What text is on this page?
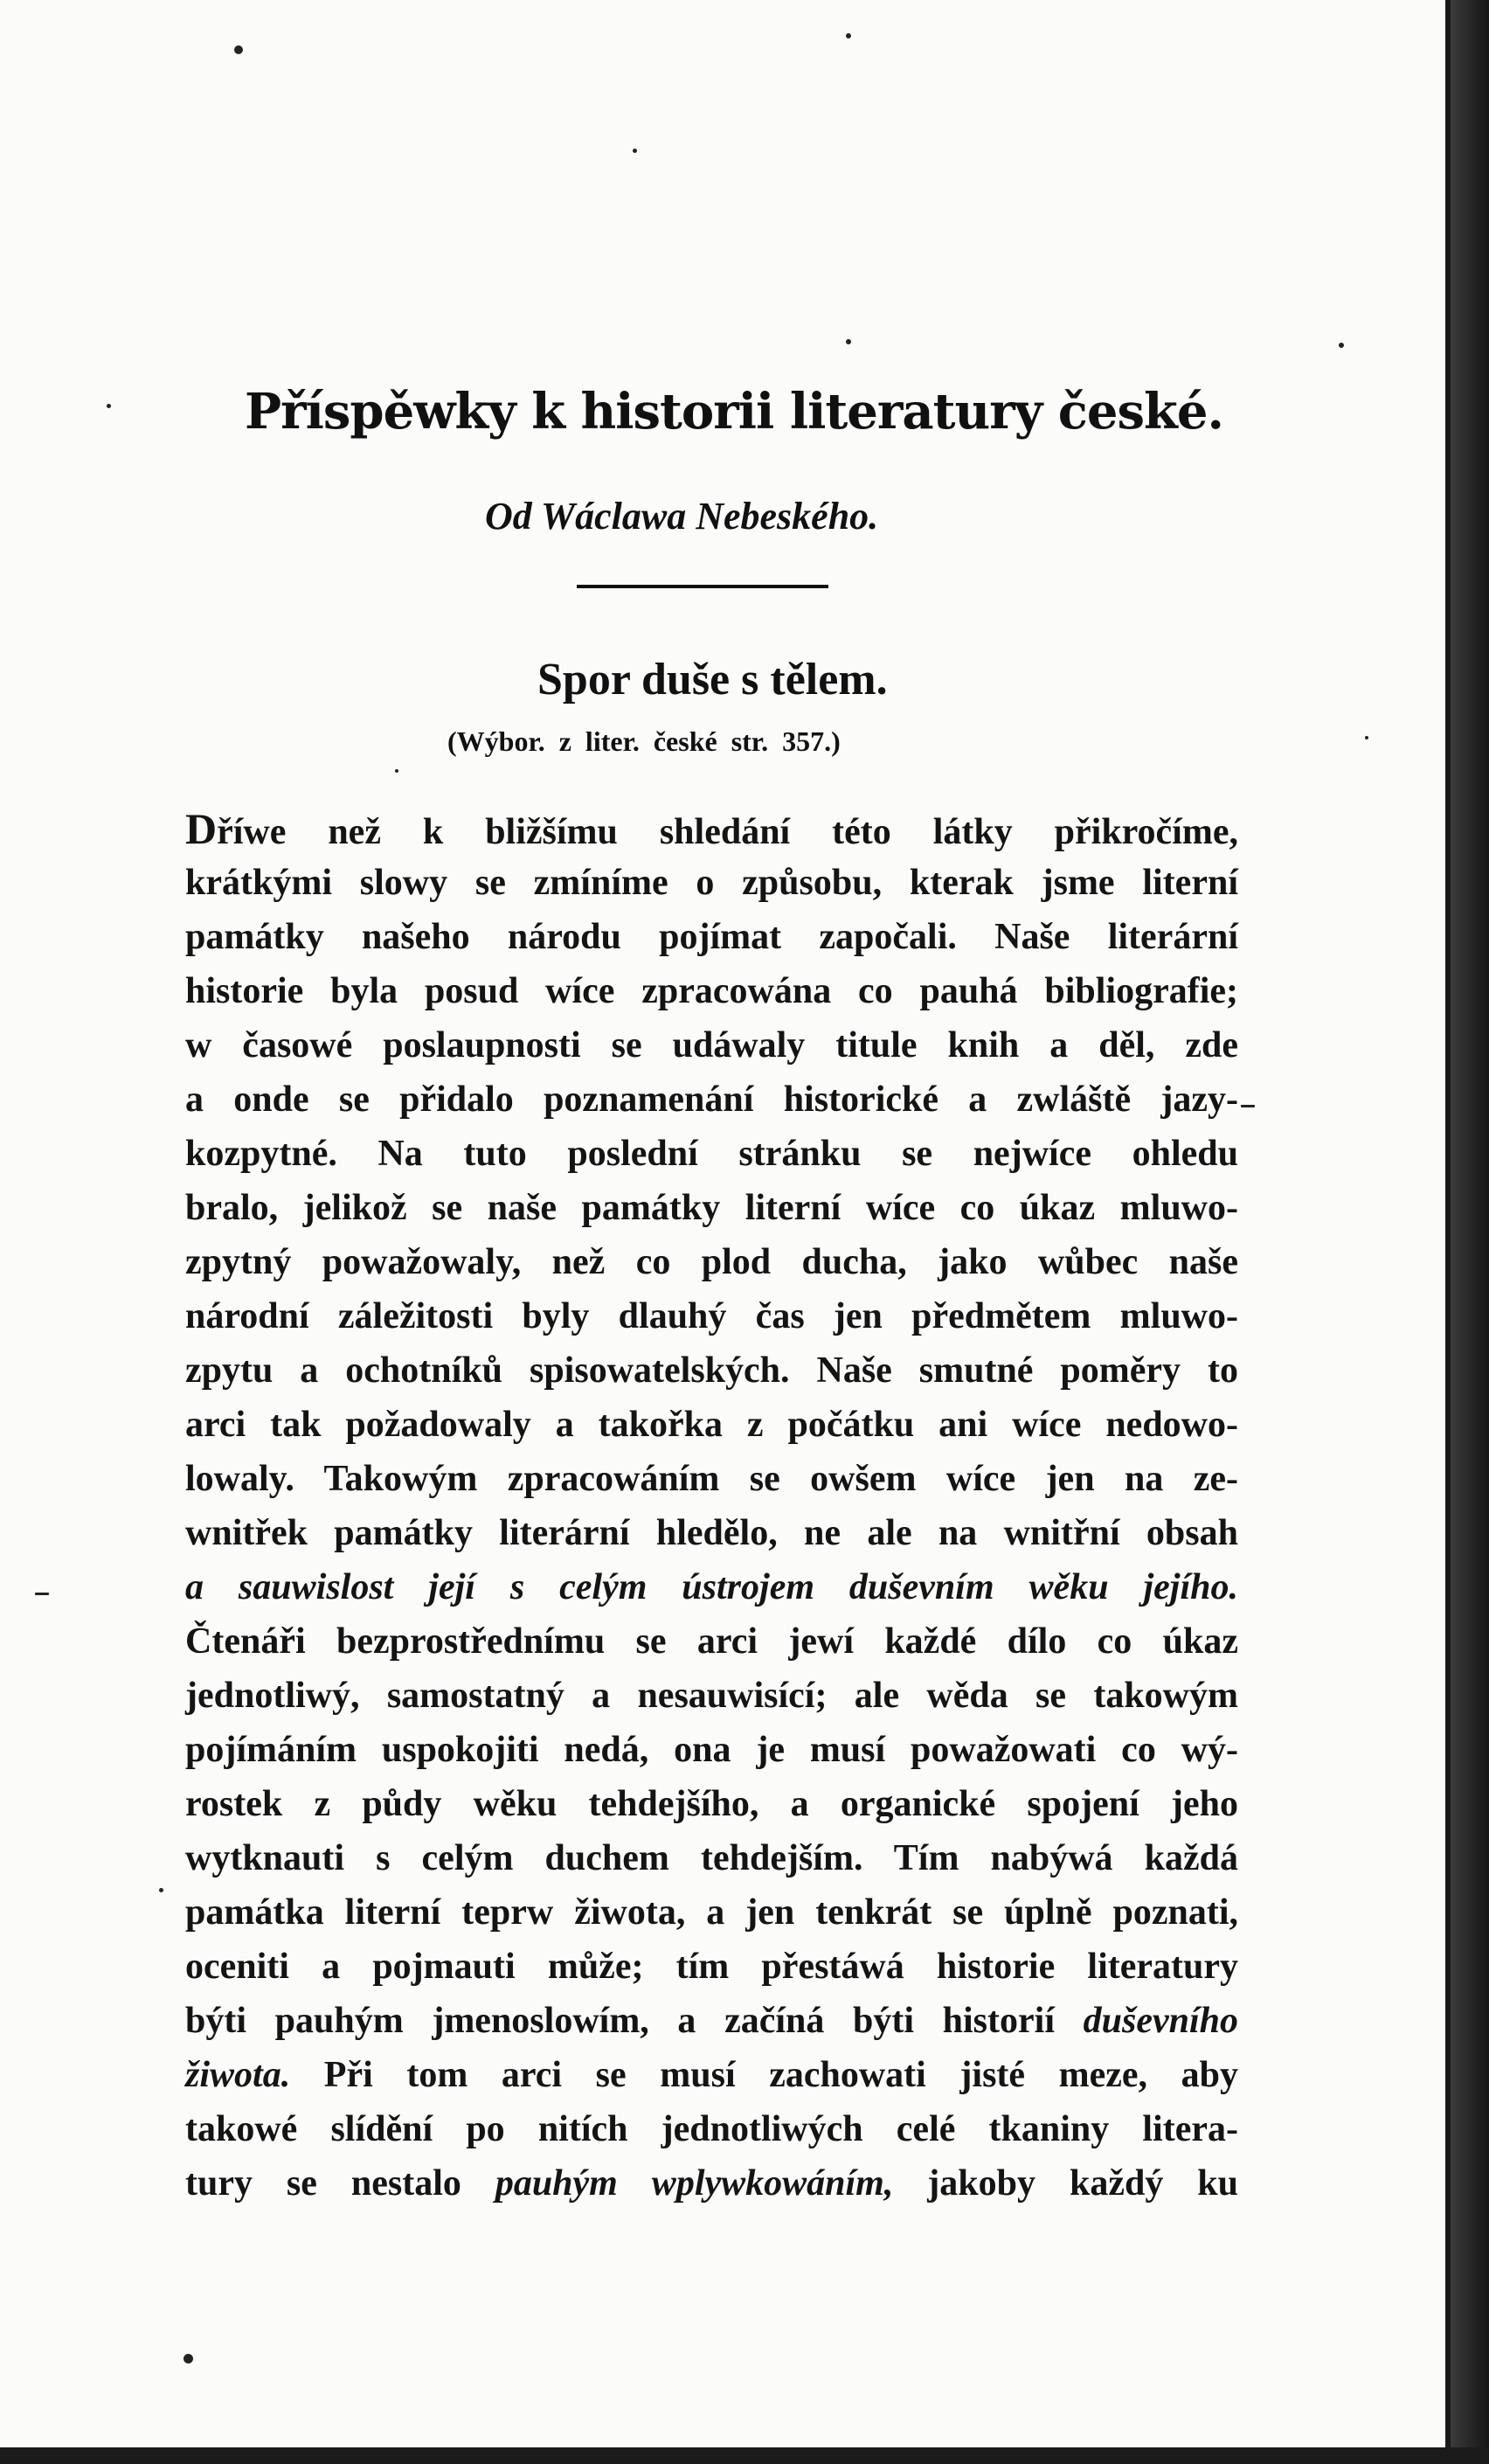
Příspěwky k historii literatury české.

Od Wáclawa Nebeského.

Spor duše s tělem.

(Wýbor. z liter. české str. 357.)

Dříwe než k bližšímu shledání této látky přikročíme,
krátkými slowy se zmíníme o způsobu, kterak jsme literní
památky našeho národu pojímat započali. Naše literární
historie byla posud wíce zpracowána co pauhá bibliografie;
w časowé poslaupnosti se udáwaly titule knih a děl, zde
a onde se přidalo poznamenání historické a zwláště jazy-
kozpytné. Na tuto poslední stránku se nejwíce ohledu
bralo, jelikož se naše památky literní wíce co úkaz mluwo-
zpytný powažowaly, než co plod ducha, jako wůbec naše
národní záležitosti byly dlauhý čas jen předmětem mluwo-
zpytu a ochotníků spisowatelských. Naše smutné poměry to
arci tak požadowaly a takořka z počátku ani wíce nedowo-
lowaly. Takowým zpracowáním se owšem wíce jen na ze-
wnitřek památky literární hledělo, ne ale na wnitřní obsah
a sauwislost její s celým ústrojem duševním wěku jejího.
Čtenáři bezprostřednímu se arci jewí každé dílo co úkaz
jednotliwý, samostatný a nesauwisící; ale wěda se takowým
pojímáním uspokojiti nedá, ona je musí powažowati co wý-
rostek z půdy wěku tehdejšího, a organické spojení jeho
wytknauti s celým duchem tehdejším. Tím nabýwá každá
památka literní teprw žiwota, a jen tenkrát se úplně poznati,
oceniti a pojmauti může; tím přestáwá historie literatury
býti pauhým jmenoslowím, a začíná býti historií duševního
žiwota. Při tom arci se musí zachowati jisté meze, aby
takowé slídění po nitích jednotliwých celé tkaniny litera-
tury se nestalo pauhým wplywkowáním, jakoby každý ku
